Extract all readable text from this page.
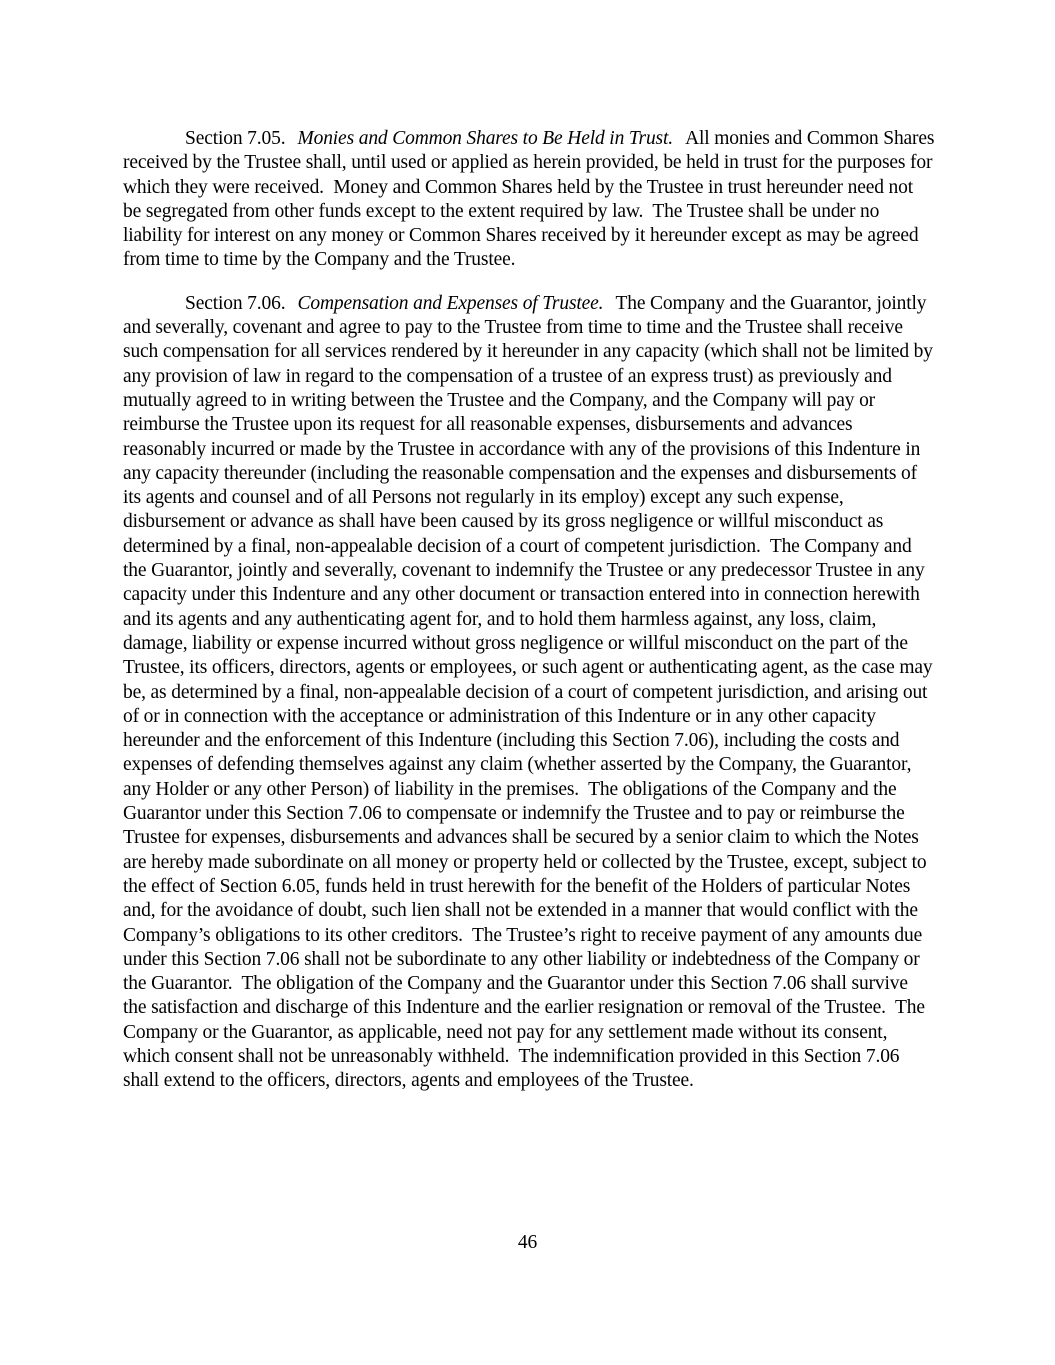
Section 7.05. Monies and Common Shares to Be Held in Trust. All monies and Common Shares received by the Trustee shall, until used or applied as herein provided, be held in trust for the purposes for which they were received.  Money and Common Shares held by the Trustee in trust hereunder need not be segregated from other funds except to the extent required by law.  The Trustee shall be under no liability for interest on any money or Common Shares received by it hereunder except as may be agreed from time to time by the Company and the Trustee.

Section 7.06. Compensation and Expenses of Trustee. The Company and the Guarantor, jointly and severally, covenant and agree to pay to the Trustee from time to time and the Trustee shall receive such compensation for all services rendered by it hereunder in any capacity (which shall not be limited by any provision of law in regard to the compensation of a trustee of an express trust) as previously and mutually agreed to in writing between the Trustee and the Company, and the Company will pay or reimburse the Trustee upon its request for all reasonable expenses, disbursements and advances reasonably incurred or made by the Trustee in accordance with any of the provisions of this Indenture in any capacity thereunder (including the reasonable compensation and the expenses and disbursements of its agents and counsel and of all Persons not regularly in its employ) except any such expense, disbursement or advance as shall have been caused by its gross negligence or willful misconduct as determined by a final, non-appealable decision of a court of competent jurisdiction.  The Company and the Guarantor, jointly and severally, covenant to indemnify the Trustee or any predecessor Trustee in any capacity under this Indenture and any other document or transaction entered into in connection herewith and its agents and any authenticating agent for, and to hold them harmless against, any loss, claim, damage, liability or expense incurred without gross negligence or willful misconduct on the part of the Trustee, its officers, directors, agents or employees, or such agent or authenticating agent, as the case may be, as determined by a final, non-appealable decision of a court of competent jurisdiction, and arising out of or in connection with the acceptance or administration of this Indenture or in any other capacity hereunder and the enforcement of this Indenture (including this Section 7.06), including the costs and expenses of defending themselves against any claim (whether asserted by the Company, the Guarantor, any Holder or any other Person) of liability in the premises.  The obligations of the Company and the Guarantor under this Section 7.06 to compensate or indemnify the Trustee and to pay or reimburse the Trustee for expenses, disbursements and advances shall be secured by a senior claim to which the Notes are hereby made subordinate on all money or property held or collected by the Trustee, except, subject to the effect of Section 6.05, funds held in trust herewith for the benefit of the Holders of particular Notes and, for the avoidance of doubt, such lien shall not be extended in a manner that would conflict with the Company’s obligations to its other creditors.  The Trustee’s right to receive payment of any amounts due under this Section 7.06 shall not be subordinate to any other liability or indebtedness of the Company or the Guarantor.  The obligation of the Company and the Guarantor under this Section 7.06 shall survive the satisfaction and discharge of this Indenture and the earlier resignation or removal of the Trustee.  The Company or the Guarantor, as applicable, need not pay for any settlement made without its consent, which consent shall not be unreasonably withheld.  The indemnification provided in this Section 7.06 shall extend to the officers, directors, agents and employees of the Trustee.

46
